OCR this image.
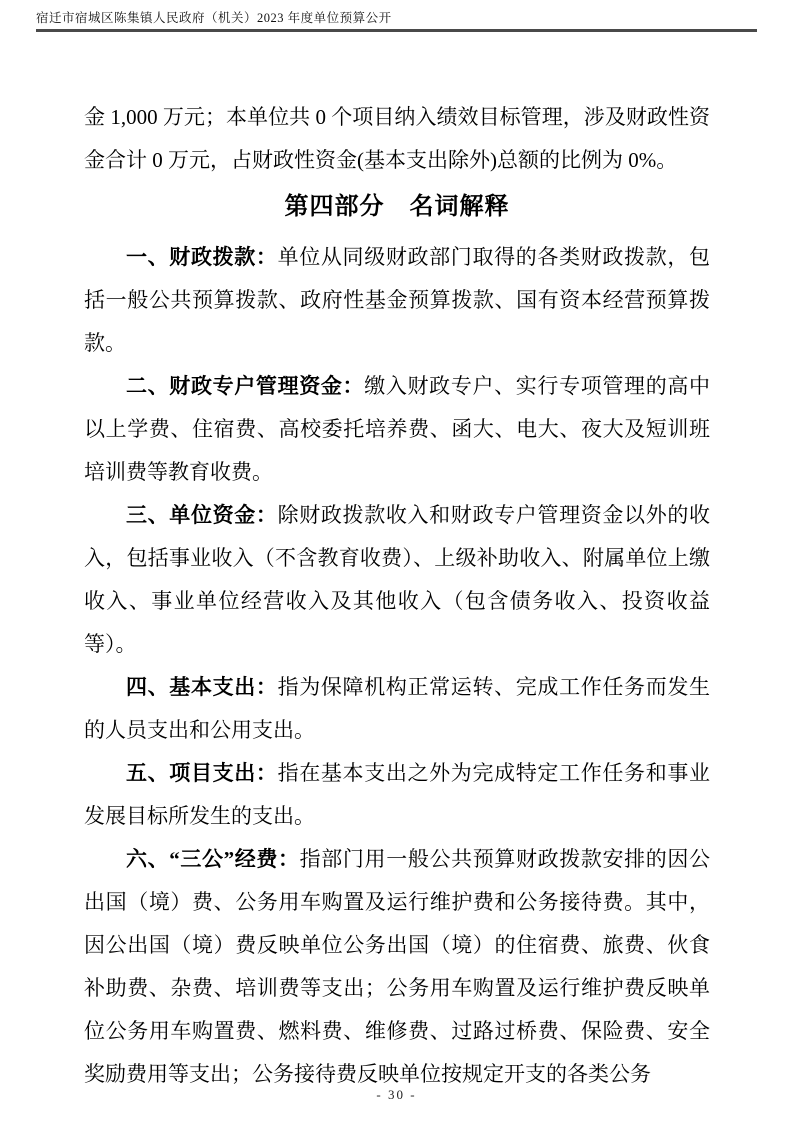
宿迁市宿城区陈集镇人民政府（机关）2023 年度单位预算公开
金 1,000 万元；本单位共 0 个项目纳入绩效目标管理，涉及财政性资金合计 0 万元，占财政性资金(基本支出除外)总额的比例为 0%。
第四部分　名词解释
一、财政拨款：单位从同级财政部门取得的各类财政拨款，包括一般公共预算拨款、政府性基金预算拨款、国有资本经营预算拨款。
二、财政专户管理资金：缴入财政专户、实行专项管理的高中以上学费、住宿费、高校委托培养费、函大、电大、夜大及短训班培训费等教育收费。
三、单位资金：除财政拨款收入和财政专户管理资金以外的收入，包括事业收入（不含教育收费）、上级补助收入、附属单位上缴收入、事业单位经营收入及其他收入（包含债务收入、投资收益等）。
四、基本支出：指为保障机构正常运转、完成工作任务而发生的人员支出和公用支出。
五、项目支出：指在基本支出之外为完成特定工作任务和事业发展目标所发生的支出。
六、“三公”经费：指部门用一般公共预算财政拨款安排的因公出国（境）费、公务用车购置及运行维护费和公务接待费。其中，因公出国（境）费反映单位公务出国（境）的住宿费、旅费、伙食补助费、杂费、培训费等支出；公务用车购置及运行维护费反映单位公务用车购置费、燃料费、维修费、过路过桥费、保险费、安全奖励费用等支出；公务接待费反映单位按规定开支的各类公务
- 30 -
